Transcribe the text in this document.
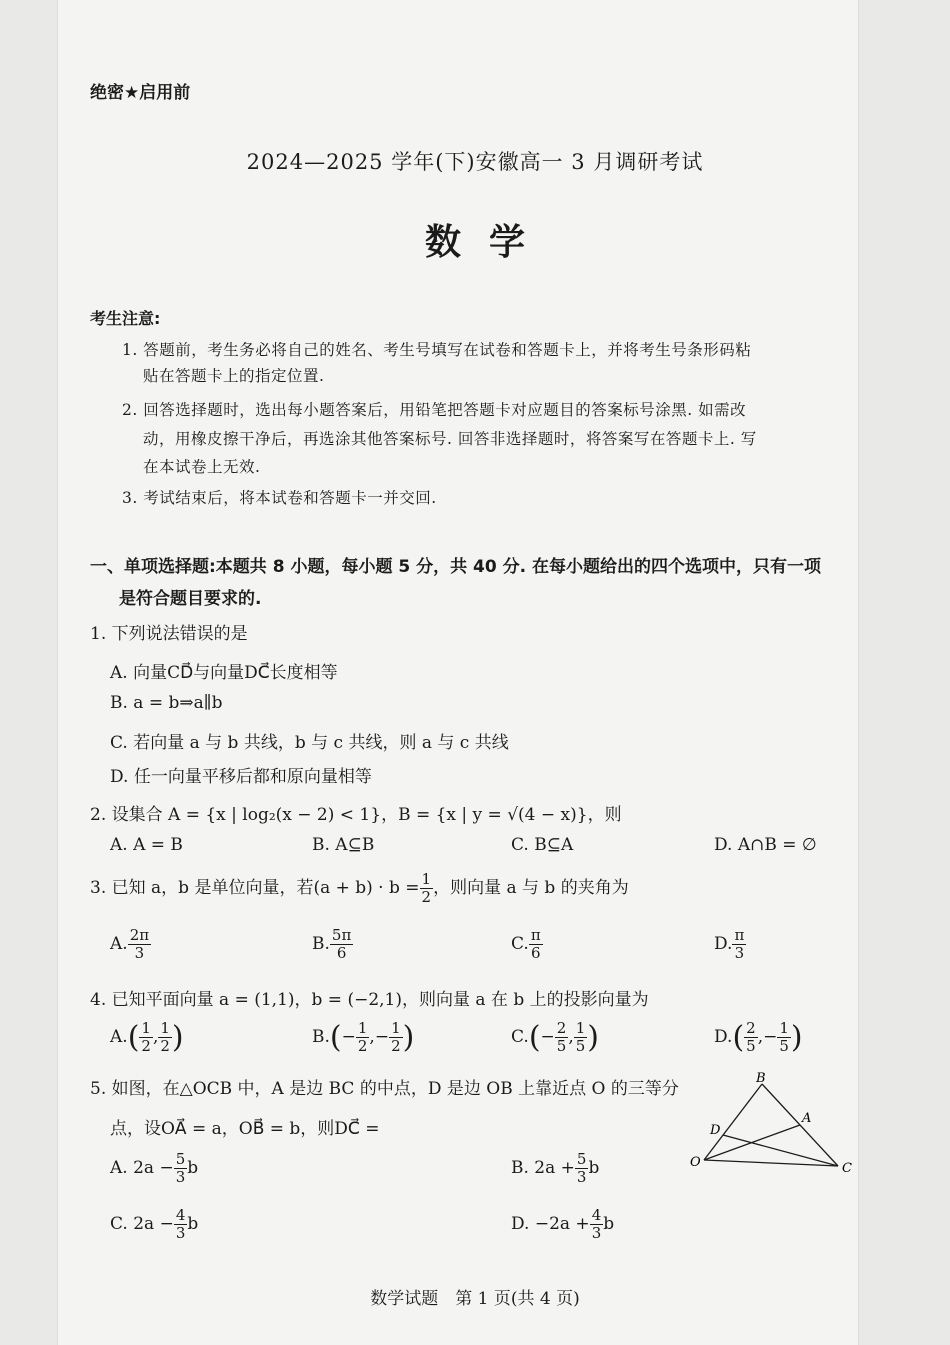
绝密★启用前
2024—2025 学年(下)安徽高一 3 月调研考试
数学
考生注意:
1. 答题前，考生务必将自己的姓名、考生号填写在试卷和答题卡上，并将考生号条形码粘
贴在答题卡上的指定位置.
2. 回答选择题时，选出每小题答案后，用铅笔把答题卡对应题目的答案标号涂黑. 如需改
动，用橡皮擦干净后，再选涂其他答案标号. 回答非选择题时，将答案写在答题卡上. 写
在本试卷上无效.
3. 考试结束后，将本试卷和答题卡一并交回.
一、单项选择题:本题共 8 小题，每小题 5 分，共 40 分. 在每小题给出的四个选项中，只有一项
是符合题目要求的.
1. 下列说法错误的是
A. 向量CD⃗与向量DC⃗长度相等
B. a = b⇒a∥b
C. 若向量 a 与 b 共线，b 与 c 共线，则 a 与 c 共线
D. 任一向量平移后都和原向量相等
2. 设集合 A = {x | log₂(x − 2) < 1}，B = {x | y = √(4 − x)}，则
A. A = B	B. A⊆B	C. B⊆A	D. A∩B = ∅
3. 已知 a，b 是单位向量，若$(a + b) \cdot b = \frac{1}{2}$ ，则向量 a 与 b 的夹角为
A. $\frac{2\pi}{3}$	B. $\frac{5\pi}{6}$	C. $\frac{\pi}{6}$	D. $\frac{\pi}{3}$
4. 已知平面向量 a = (1,1)，b = (−2,1)，则向量 a 在 b 上的投影向量为
$A.( \frac{1}{2}$ , $\frac{1}{2}$ )	$B.(- \frac{1}{2}$ ,− $\frac{1}{2}$ )	$C.(- \frac{2}{5}$ , $\frac{1}{5}$ )	$D.( \frac{2}{5}$ ,− $\frac{1}{5}$ )
5. 如图，在△OCB 中，A 是边 BC 的中点，D 是边 OB 上靠近点 O 的三等分
点，设OA⃗ = a，OB⃗ = b，则DC⃗ =
A. $2a - \frac{5}{3}$ b	B. $2a + \frac{5}{3}$ b
C. $2a - \frac{4}{3}$ b	D. $-2a + \frac{4}{3}$ b
B
A
D
O	C
数学试题　第 1 页(共 4 页)
